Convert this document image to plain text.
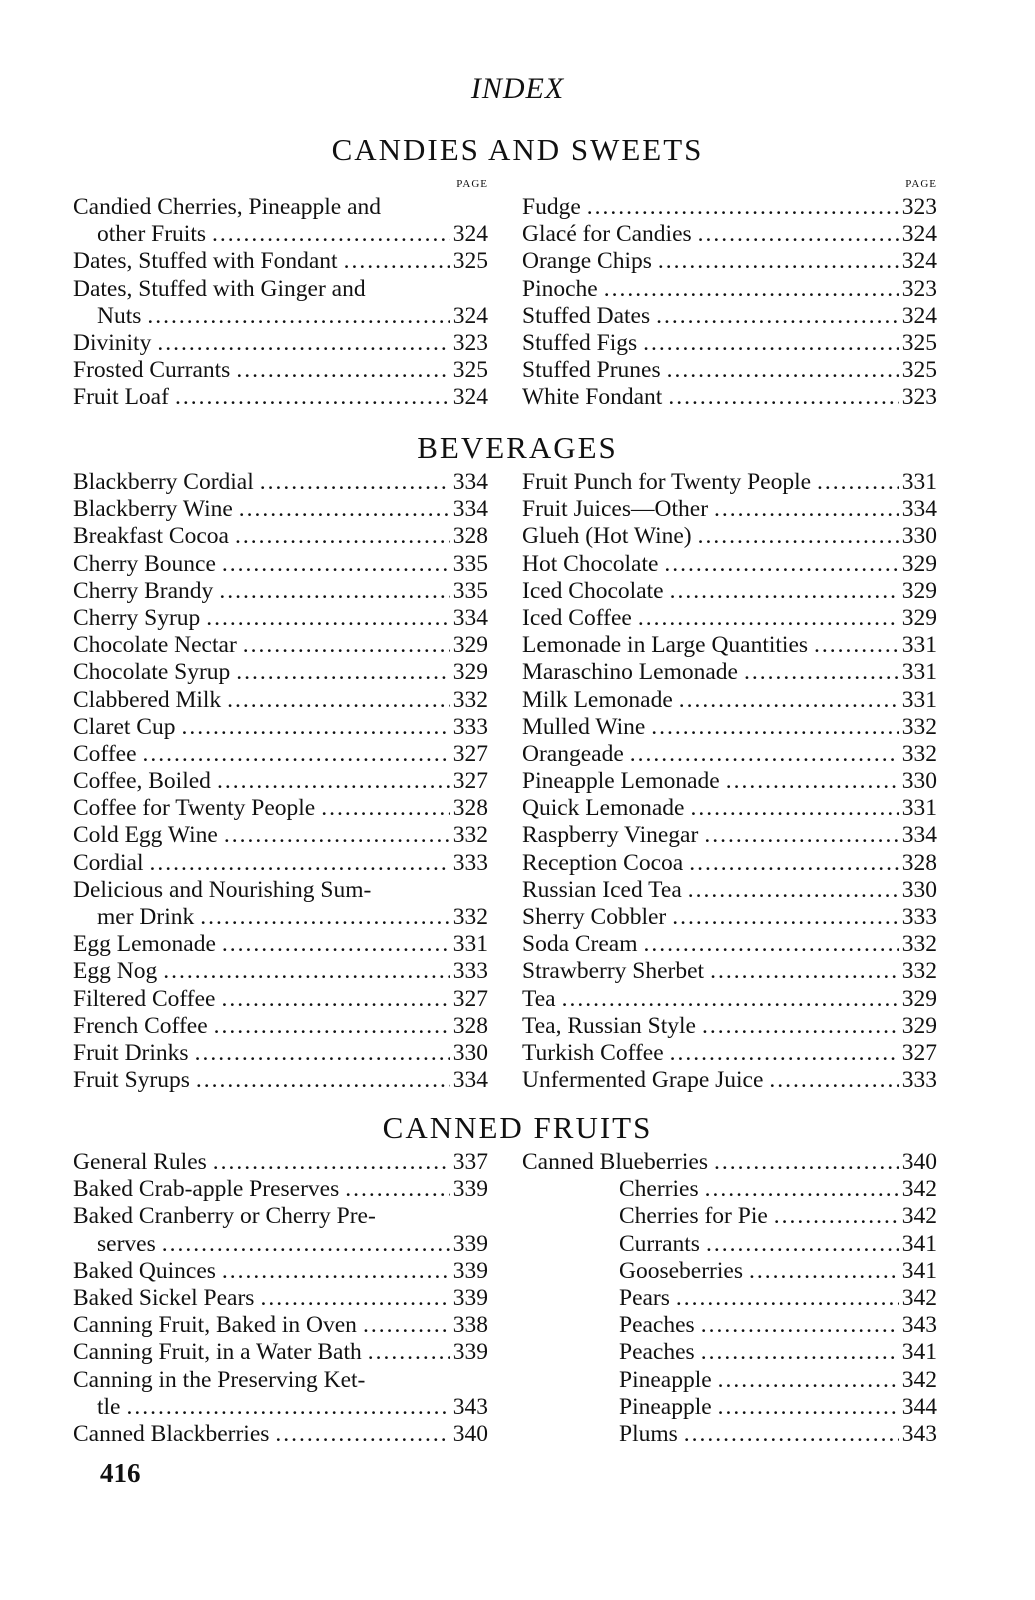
INDEX
CANDIES AND SWEETS
PAGE
Candied Cherries, Pineapple and
other Fruits .....	324
Dates, Stuffed with Fondant .....	325
Dates, Stuffed with Ginger and
Nuts .....	324
Divinity .....	323
Frosted Currants .....	325
Fruit Loaf .....	324
PAGE
Fudge .....	323
Glacé for Candies .....	324
Orange Chips .....	324
Pinoche .....	323
Stuffed Dates .....	324
Stuffed Figs .....	325
Stuffed Prunes .....	325
White Fondant .....	323
BEVERAGES
Blackberry Cordial .....	334
Blackberry Wine .....	334
Breakfast Cocoa .....	328
Cherry Bounce .....	335
Cherry Brandy .....	335
Cherry Syrup .....	334
Chocolate Nectar .....	329
Chocolate Syrup .....	329
Clabbered Milk .....	332
Claret Cup .....	333
Coffee .....	327
Coffee, Boiled .....	327
Coffee for Twenty People .....	328
Cold Egg Wine .....	332
Cordial .....	333
Delicious and Nourishing Sum-
mer Drink .....	332
Egg Lemonade .....	331
Egg Nog .....	333
Filtered Coffee .....	327
French Coffee .....	328
Fruit Drinks .....	330
Fruit Syrups .....	334
Fruit Punch for Twenty People .....	331
Fruit Juices—Other .....	334
Glueh (Hot Wine) .....	330
Hot Chocolate .....	329
Iced Chocolate .....	329
Iced Coffee .....	329
Lemonade in Large Quantities .....	331
Maraschino Lemonade .....	331
Milk Lemonade .....	331
Mulled Wine .....	332
Orangeade .....	332
Pineapple Lemonade .....	330
Quick Lemonade .....	331
Raspberry Vinegar .....	334
Reception Cocoa .....	328
Russian Iced Tea .....	330
Sherry Cobbler .....	333
Soda Cream .....	332
Strawberry Sherbet .....	332
Tea .....	329
Tea, Russian Style .....	329
Turkish Coffee .....	327
Unfermented Grape Juice .....	333
CANNED FRUITS
General Rules .....	337
Baked Crab-apple Preserves .....	339
Baked Cranberry or Cherry Pre-
serves .....	339
Baked Quinces .....	339
Baked Sickel Pears .....	339
Canning Fruit, Baked in Oven .....	338
Canning Fruit, in a Water Bath .....	339
Canning in the Preserving Ket-
tle .....	343
Canned Blackberries .....	340
Canned Blueberries .....	340
Cherries .....	342
Cherries for Pie .....	342
Currants .....	341
Gooseberries .....	341
Pears .....	342
Peaches .....	343
Peaches .....	341
Pineapple .....	342
Pineapple .....	344
Plums .....	343
416
